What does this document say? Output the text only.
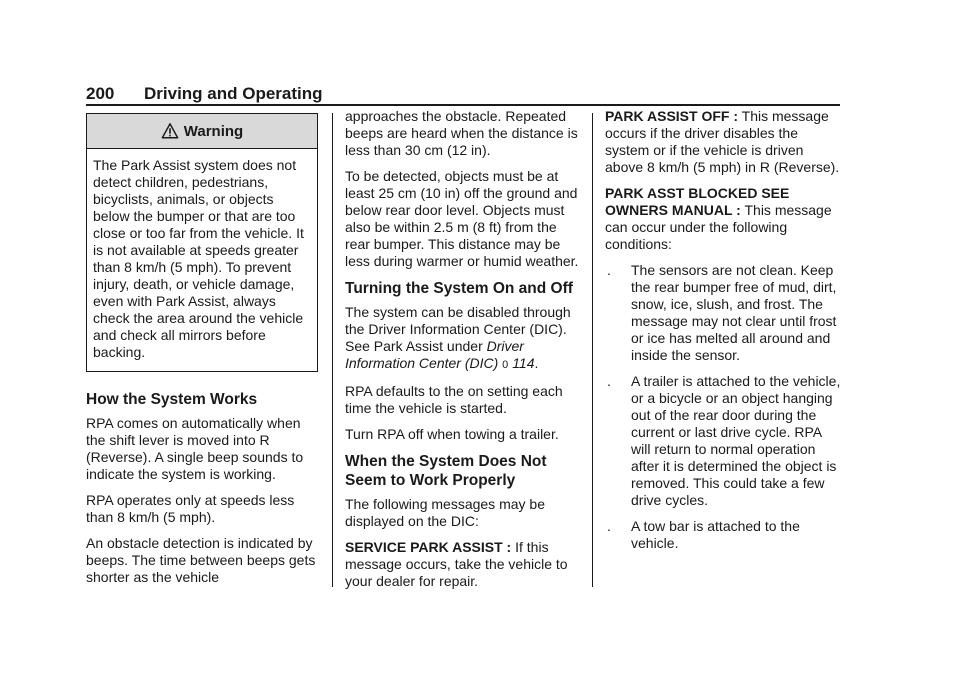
200 Driving and Operating
Warning
The Park Assist system does not detect children, pedestrians, bicyclists, animals, or objects below the bumper or that are too close or too far from the vehicle. It is not available at speeds greater than 8 km/h (5 mph). To prevent injury, death, or vehicle damage, even with Park Assist, always check the area around the vehicle and check all mirrors before backing.
How the System Works

RPA comes on automatically when the shift lever is moved into R (Reverse). A single beep sounds to indicate the system is working.

RPA operates only at speeds less than 8 km/h (5 mph).

An obstacle detection is indicated by beeps. The time between beeps gets shorter as the vehicle

approaches the obstacle. Repeated beeps are heard when the distance is less than 30 cm (12 in).

To be detected, objects must be at least 25 cm (10 in) off the ground and below rear door level. Objects must also be within 2.5 m (8 ft) from the rear bumper. This distance may be less during warmer or humid weather.

Turning the System On and Off

The system can be disabled through the Driver Information Center (DIC). See Park Assist under Driver Information Center (DIC) 0 114.

RPA defaults to the on setting each time the vehicle is started.

Turn RPA off when towing a trailer.

When the System Does Not Seem to Work Properly

The following messages may be displayed on the DIC:

SERVICE PARK ASSIST : If this message occurs, take the vehicle to your dealer for repair.

PARK ASSIST OFF : This message occurs if the driver disables the system or if the vehicle is driven above 8 km/h (5 mph) in R (Reverse).

PARK ASST BLOCKED SEE OWNERS MANUAL : This message can occur under the following conditions:

.	The sensors are not clean. Keep the rear bumper free of mud, dirt, snow, ice, slush, and frost. The message may not clear until frost or ice has melted all around and inside the sensor.
.	A trailer is attached to the vehicle, or a bicycle or an object hanging out of the rear door during the current or last drive cycle. RPA will return to normal operation after it is determined the object is removed. This could take a few drive cycles.
.	A tow bar is attached to the vehicle.
